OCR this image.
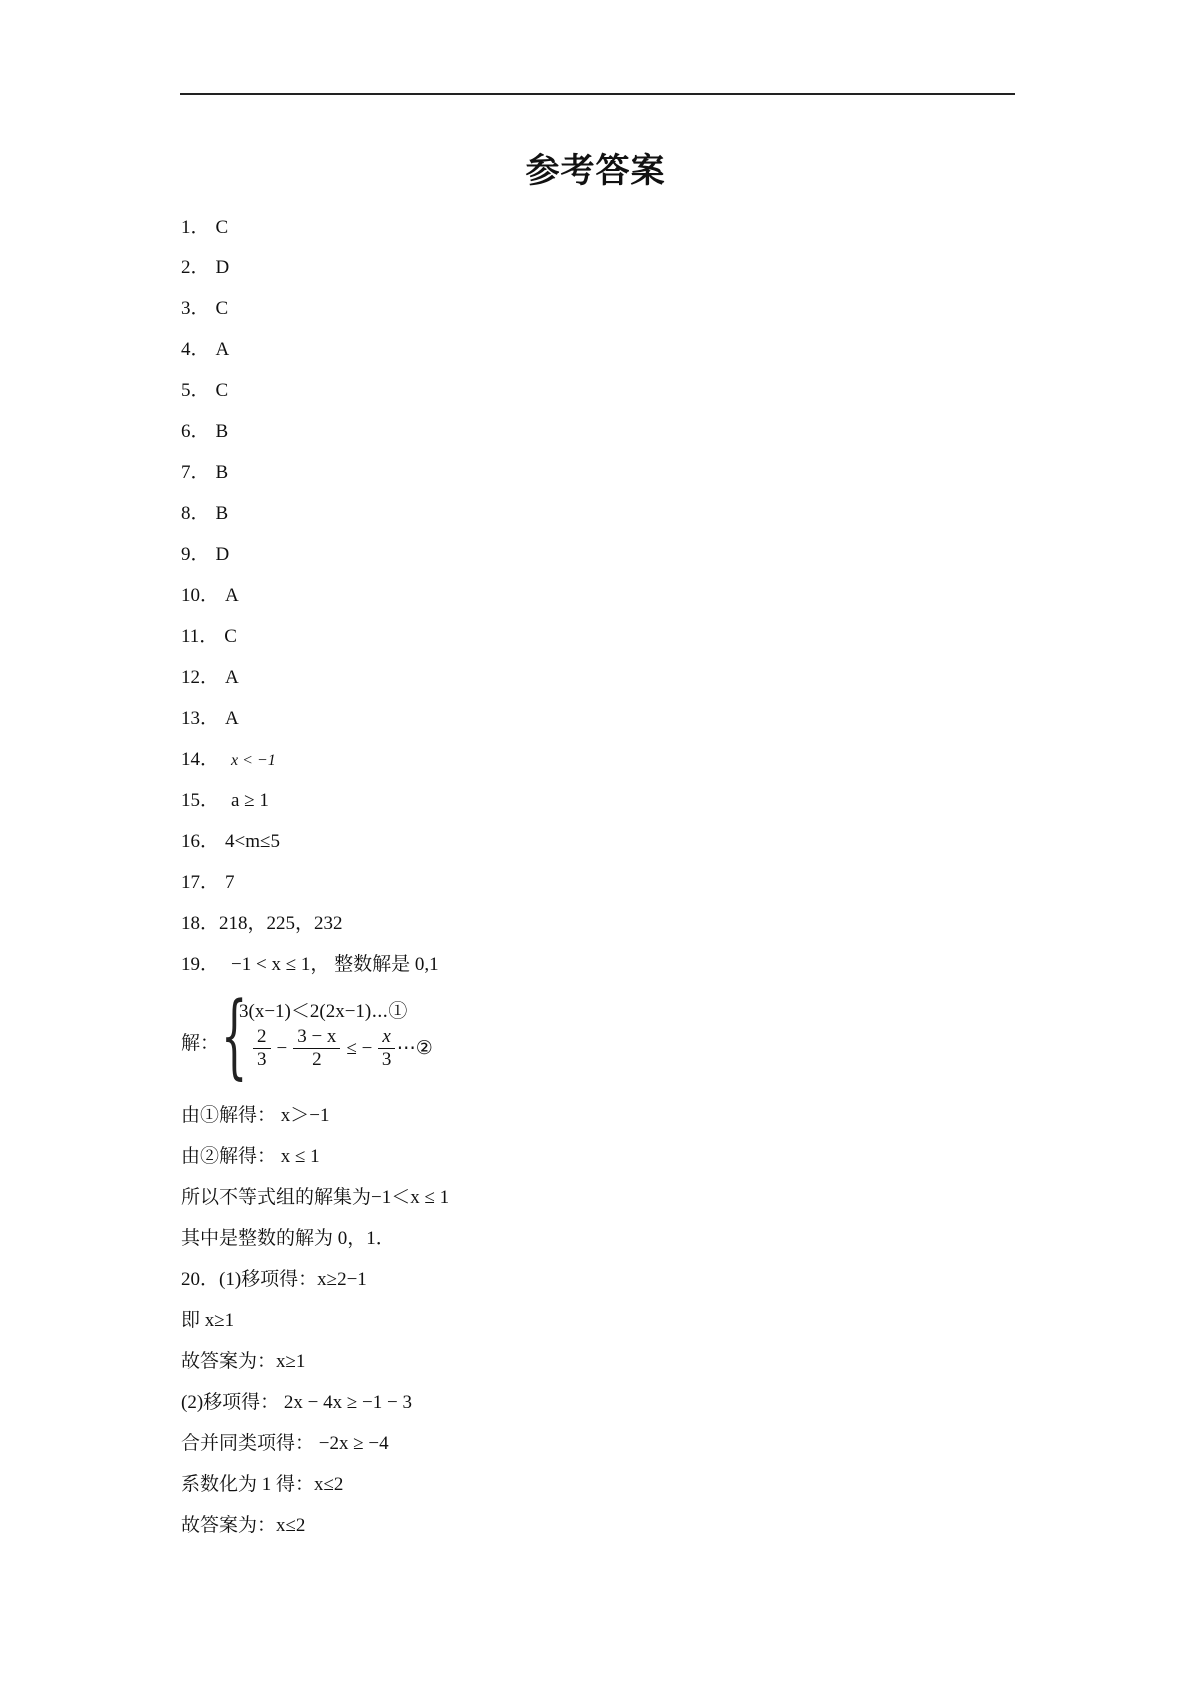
参考答案
1． C
2． D
3． C
4． A
5． C
6． B
7． B
8． B
9． D
10． A
11． C
12． A
13． A
14． x < −1
15． a ≥ 1
16． 4<m≤5
17． 7
18．218，225，232
19． −1 < x ≤ 1， 整数解是 0,1
解： {
3(x−1)＜2(2x−1)⋯①
$\frac{2}{3} - \frac{3 - x}{2}$ ≤ − $\frac{x}{3}$ ⋯②
由①解得： x＞−1
由②解得： x ≤ 1
所以不等式组的解集为−1＜x ≤ 1
其中是整数的解为 0，1．
20．(1)移项得：x≥2−1
即 x≥1
故答案为：x≥1
(2)移项得： 2x − 4x ≥ −1 − 3
合并同类项得： −2x ≥ −4
系数化为 1 得：x≤2
故答案为：x≤2
